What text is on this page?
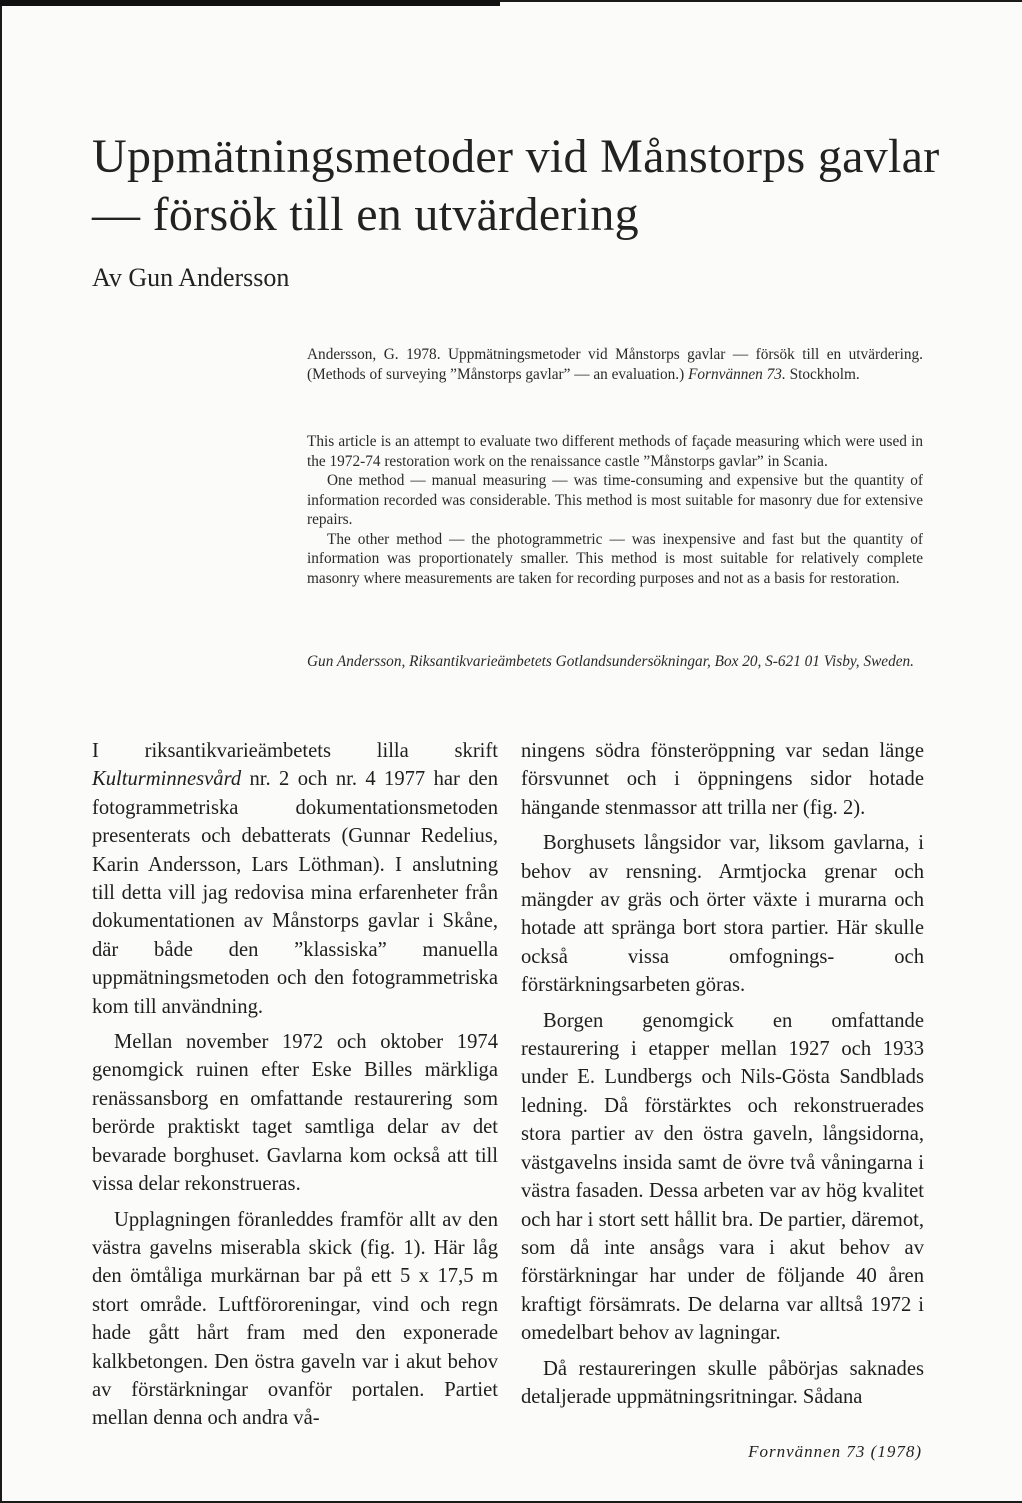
Uppmätningsmetoder vid Månstorps gavlar
— försök till en utvärdering

Av Gun Andersson

Andersson, G. 1978. Uppmätningsmetoder vid Månstorps gavlar — försök till en utvärdering. (Methods of surveying ”Månstorps gavlar” — an evaluation.) Fornvännen 73. Stockholm.

This article is an attempt to evaluate two different methods of façade measuring which were used in the 1972-74 restoration work on the renaissance castle ”Månstorps gavlar” in Scania.

One method — manual measuring — was time-consuming and expensive but the quantity of information recorded was considerable. This method is most suitable for masonry due for extensive repairs.

The other method — the photogrammetric — was inexpensive and fast but the quantity of information was proportionately smaller. This method is most suitable for relatively complete masonry where measurements are taken for recording purposes and not as a basis for restoration.

Gun Andersson, Riksantikvarieämbetets Gotlandsundersökningar, Box 20, S-621 01 Visby, Sweden.

I riksantikvarieämbetets lilla skrift Kulturminnesvård nr. 2 och nr. 4 1977 har den fotogrammetriska dokumentationsmetoden presenterats och debatterats (Gunnar Redelius, Karin Andersson, Lars Löthman). I anslutning till detta vill jag redovisa mina erfarenheter från dokumentationen av Månstorps gavlar i Skåne, där både den ”klassiska” manuella uppmätningsmetoden och den fotogrammetriska kom till användning.

Mellan november 1972 och oktober 1974 genomgick ruinen efter Eske Billes märkliga renässansborg en omfattande restaurering som berörde praktiskt taget samtliga delar av det bevarade borghuset. Gavlarna kom också att till vissa delar rekonstrueras.

Upplagningen föranleddes framför allt av den västra gavelns miserabla skick (fig. 1). Här låg den ömtåliga murkärnan bar på ett 5 x 17,5 m stort område. Luftföroreningar, vind och regn hade gått hårt fram med den exponerade kalkbetongen. Den östra gaveln var i akut behov av förstärkningar ovanför portalen. Partiet mellan denna och andra vå-

ningens södra fönsteröppning var sedan länge försvunnet och i öppningens sidor hotade hängande stenmassor att trilla ner (fig. 2).

Borghusets långsidor var, liksom gavlarna, i behov av rensning. Armtjocka grenar och mängder av gräs och örter växte i murarna och hotade att spränga bort stora partier. Här skulle också vissa omfognings- och förstärkningsarbeten göras.

Borgen genomgick en omfattande restaurering i etapper mellan 1927 och 1933 under E. Lundbergs och Nils-Gösta Sandblads ledning. Då förstärktes och rekonstruerades stora partier av den östra gaveln, långsidorna, västgavelns insida samt de övre två våningarna i västra fasaden. Dessa arbeten var av hög kvalitet och har i stort sett hållit bra. De partier, däremot, som då inte ansågs vara i akut behov av förstärkningar har under de följande 40 åren kraftigt försämrats. De delarna var alltså 1972 i omedelbart behov av lagningar.

Då restaureringen skulle påbörjas saknades detaljerade uppmätningsritningar. Sådana

Fornvännen 73 (1978)
